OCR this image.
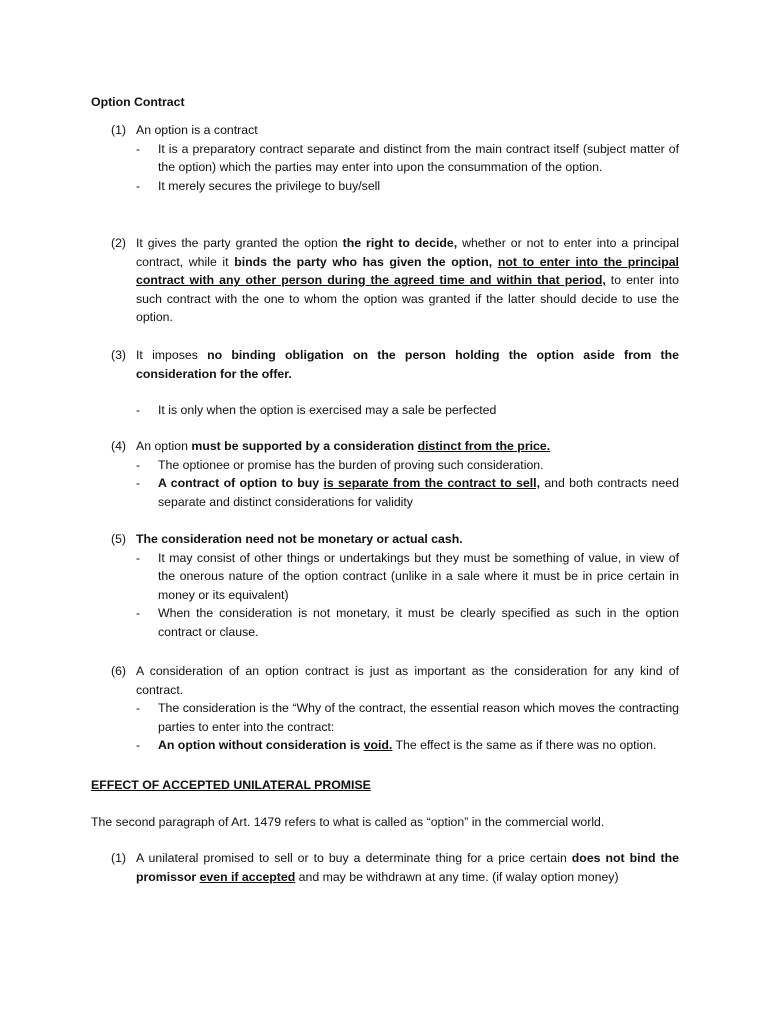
Option Contract
(1) An option is a contract

- It is a preparatory contract separate and distinct from the main contract itself (subject matter of the option) which the parties may enter into upon the consummation of the option.

- It merely secures the privilege to buy/sell

(2) It gives the party granted the option the right to decide, whether or not to enter into a principal contract, while it binds the party who has given the option, not to enter into the principal contract with any other person during the agreed time and within that period, to enter into such contract with the one to whom the option was granted if the latter should decide to use the option.

(3) It imposes no binding obligation on the person holding the option aside from the consideration for the offer.

- It is only when the option is exercised may a sale be perfected

(4) An option must be supported by a consideration distinct from the price.

- The optionee or promise has the burden of proving such consideration.

- A contract of option to buy is separate from the contract to sell, and both contracts need separate and distinct considerations for validity

(5) The consideration need not be monetary or actual cash.

- It may consist of other things or undertakings but they must be something of value, in view of the onerous nature of the option contract (unlike in a sale where it must be in price certain in money or its equivalent)

- When the consideration is not monetary, it must be clearly specified as such in the option contract or clause.

(6) A consideration of an option contract is just as important as the consideration for any kind of contract.

- The consideration is the “Why of the contract, the essential reason which moves the contracting parties to enter into the contract:

- An option without consideration is void. The effect is the same as if there was no option.

EFFECT OF ACCEPTED UNILATERAL PROMISE
The second paragraph of Art. 1479 refers to what is called as “option” in the commercial world.
(1) A unilateral promised to sell or to buy a determinate thing for a price certain does not bind the promissor even if accepted and may be withdrawn at any time. (if walay option money)
